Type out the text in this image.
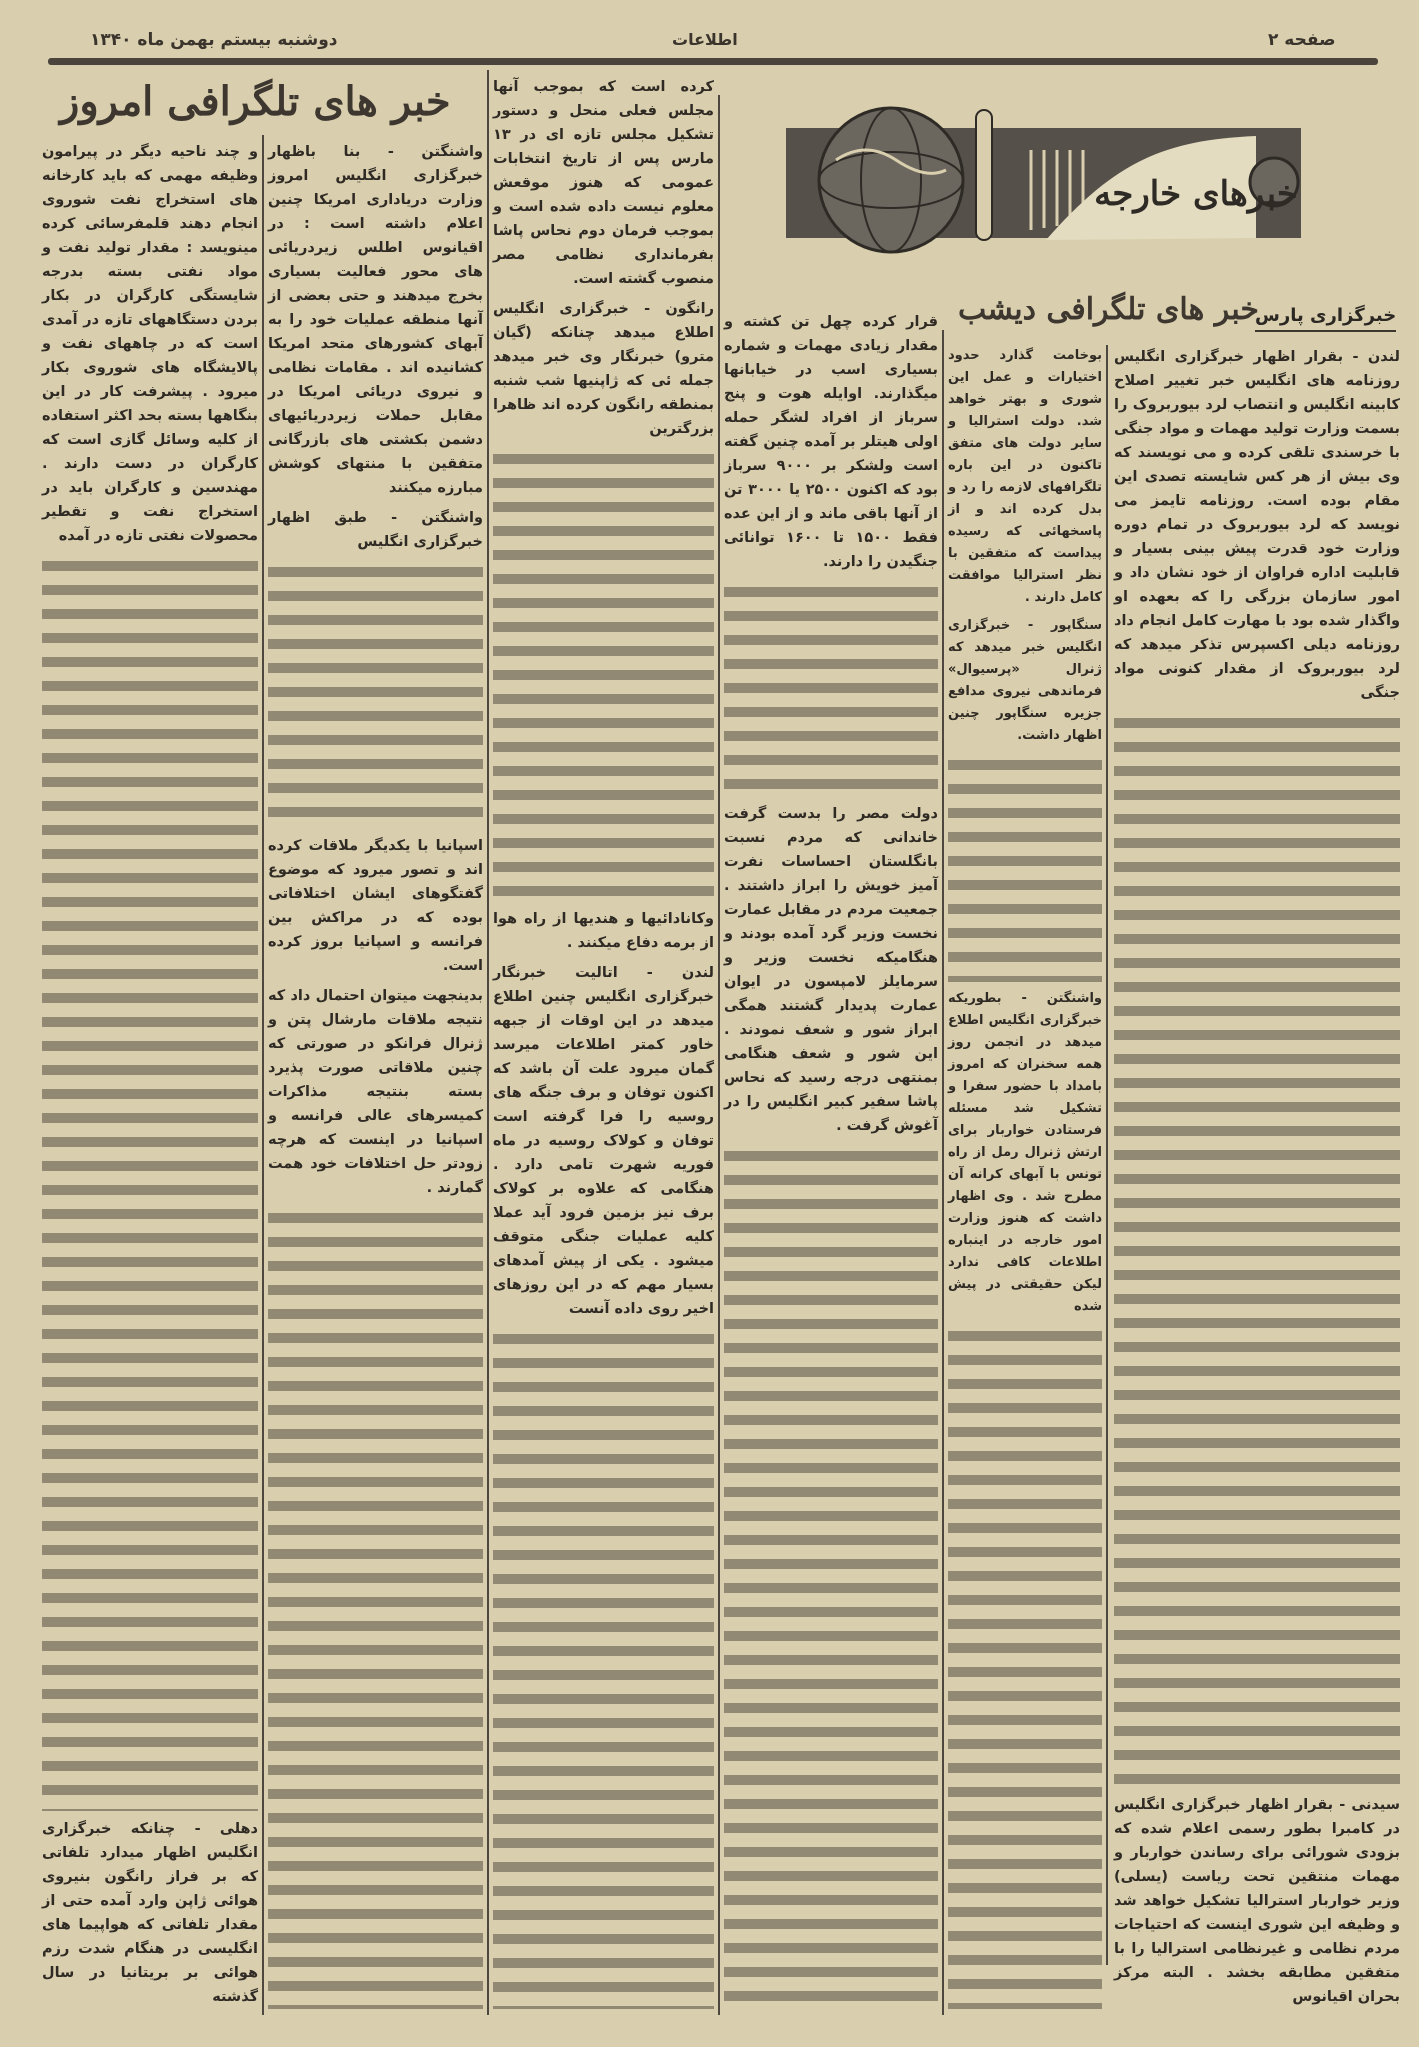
دوشنبه بیستم بهمن ماه ۱۳۴۰	اطلاعات	صفحه ۲
خبرهای خارجه
خبر های تلگرافی امروز
خبر های تلگرافی دیشب
خبرگزاری پارس

لندن - بقرار اظهار خبرگزاری انگلیس روزنامه های انگلیس خبر تغییر اصلاح کابینه انگلیس و انتصاب لرد بیوربروک را بسمت وزارت تولید مهمات و مواد جنگی با خرسندی تلقی کرده و می نویسند که وی بیش از هر کس شایسته تصدی این مقام بوده است. روزنامه تایمز می نویسد که لرد بیوربروک در تمام دوره وزارت خود قدرت پیش بینی بسیار و قابلیت اداره فراوان از خود نشان داد و امور سازمان بزرگی را که بعهده او واگذار شده بود با مهارت کامل انجام داد روزنامه دیلی اکسپرس تذکر میدهد که لرد بیوربروک از مقدار کنونی مواد جنگی

سیدنی - بقرار اظهار خبرگزاری انگلیس در کامبرا بطور رسمی اعلام شده که بزودی شورائی برای رساندن خواربار و مهمات منتقین تحت ریاست (یسلی) وزیر خواربار استرالیا تشکیل خواهد شد و وظیفه این شوری اینست که احتیاجات مردم نظامی و غیرنظامی استرالیا را با متفقین مطابقه بخشد . البته مرکز بحران اقیانوس

بوخامت گذارد حدود اختیارات و عمل این شوری و بهتر خواهد شد. دولت استرالیا و سایر دولت های متفق تاکنون در این باره تلگرافهای لازمه را رد و بدل کرده اند و از پاسخهائی که رسیده پیداست که متفقین با نظر استرالیا موافقت کامل دارند .

سنگاپور - خبرگزاری انگلیس خبر میدهد که ژنرال «پرسیوال» فرماندهی نیروی مدافع جزیره سنگاپور چنین اظهار داشت.

واشنگتن - بطوریکه خبرگزاری انگلیس اطلاع میدهد در انجمن روز همه سخنران که امروز بامداد با حضور سفرا و تشکیل شد مسئله فرستادن خواربار برای ارتش ژنرال رمل از راه تونس با آبهای کرانه آن مطرح شد . وی اظهار داشت که هنوز وزارت امور خارجه در اینباره اطلاعات کافی ندارد لیکن حقیقتی در پیش شده

قرار کرده چهل تن کشته و مقدار زیادی مهمات و شماره بسیاری اسب در خیابانها میگذارند. اوایله هوت و پنج سرباز از افراد لشگر حمله اولی هیتلر بر آمده چنین گفته است ولشکر بر ۹۰۰۰ سرباز بود که اکنون ۲۵۰۰ یا ۳۰۰۰ تن از آنها باقی ماند و از این عده فقط ۱۵۰۰ تا ۱۶۰۰ توانائی جنگیدن را دارند.

دولت مصر را بدست گرفت خاندانی که مردم نسبت بانگلستان احساسات نفرت آمیز خویش را ابراز داشتند . جمعیت مردم در مقابل عمارت نخست وزیر گرد آمده بودند و هنگامیکه نخست وزیر و سرمایلز لامپسون در ایوان عمارت پدیدار گشتند همگی ابراز شور و شعف نمودند . این شور و شعف هنگامی بمنتهی درجه رسید که نحاس پاشا سفیر کبیر انگلیس را در آغوش گرفت .

کرده است که بموجب آنها مجلس فعلی منحل و دستور تشکیل مجلس تازه ای در ۱۳ مارس پس از تاریخ انتخابات عمومی که هنوز موقعش معلوم نیست داده شده است و بموجب فرمان دوم نحاس پاشا بفرمانداری نظامی مصر منصوب گشته است.

رانگون - خبرگزاری انگلیس اطلاع میدهد چنانکه (گیان مترو) خبرنگار وی خبر میدهد جمله ئی که ژاپنیها شب شنبه بمنطقه رانگون کرده اند ظاهرا بزرگترین

وکانادائیها و هندیها از راه هوا از برمه دفاع میکنند .

لندن - اتالیت خبرنگار خبرگزاری انگلیس چنین اطلاع میدهد در این اوقات از جبهه خاور کمتر اطلاعات میرسد گمان میرود علت آن باشد که اکنون توفان و برف جنگه های روسیه را فرا گرفته است توفان و کولاک روسیه در ماه فوریه شهرت تامی دارد . هنگامی که علاوه بر کولاک برف نیز بزمین فرود آید عملا کلیه عملیات جنگی متوقف میشود . یکی از پیش آمدهای بسیار مهم که در این روزهای اخیر روی داده آنست

واشنگتن - بنا باظهار خبرگزاری انگلیس امروز وزارت دریاداری امریکا چنین اعلام داشته است : در اقیانوس اطلس زیردریائی های محور فعالیت بسیاری بخرج میدهند و حتی بعضی از آنها منطقه عملیات خود را به آبهای کشورهای متحد امریکا کشانیده اند . مقامات نظامی و نیروی دریائی امریکا در مقابل حملات زیردریائیهای دشمن بکشتی های بازرگانی متفقین با منتهای کوشش مبارزه میکنند

واشنگتن - طبق اظهار خبرگزاری انگلیس

اسپانیا با یکدیگر ملاقات کرده اند و تصور میرود که موضوع گفتگوهای ایشان اختلافاتی بوده که در مراکش بین فرانسه و اسپانیا بروز کرده است.

بدینجهت میتوان احتمال داد که نتیجه ملاقات مارشال پتن و ژنرال فرانکو در صورتی که چنین ملاقاتی صورت پذیرد بسته بنتیجه مذاکرات کمیسرهای عالی فرانسه و اسپانیا در اینست که هرچه زودتر حل اختلافات خود همت گمارند .

و چند ناحیه دیگر در پیرامون وظیفه مهمی که باید کارخانه های استخراج نفت شوروی انجام دهند قلمفرسائی کرده مینویسد : مقدار تولید نفت و مواد نفتی بسته بدرجه شایستگی کارگران در بکار بردن دستگاههای تازه در آمدی است که در چاههای نفت و پالایشگاه های شوروی بکار میرود . پیشرفت کار در این بنگاهها بسته بحد اکثر استفاده از کلیه وسائل گازی است که کارگران در دست دارند . مهندسین و کارگران باید در استخراج نفت و تقطیر محصولات نفتی تازه در آمده

دهلی - چنانکه خبرگزاری انگلیس اظهار میدارد تلفاتی که بر فراز رانگون بنیروی هوائی ژاپن وارد آمده حتی از مقدار تلفاتی که هواپیما های انگلیسی در هنگام شدت رزم هوائی بر بریتانیا در سال گذشته
